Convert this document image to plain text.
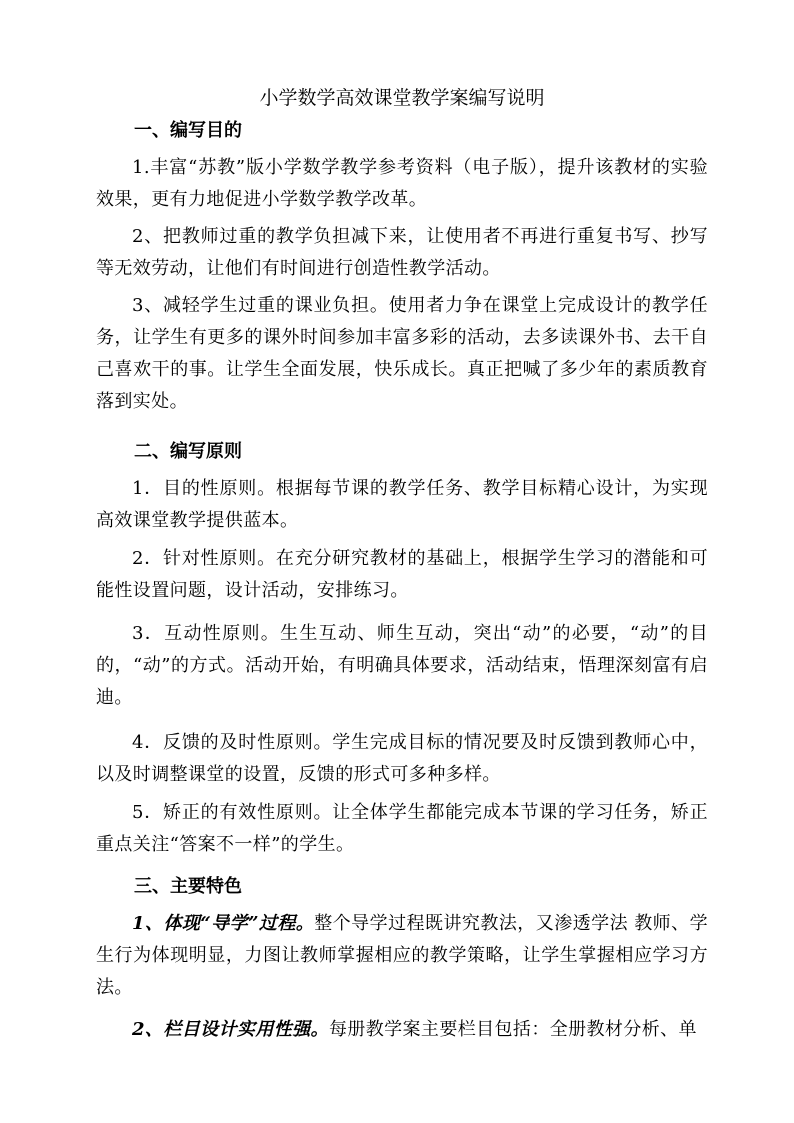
小学数学高效课堂教学案编写说明
一、编写目的
1.丰富“苏教”版小学数学教学参考资料（电子版），提升该教材的实验效果，更有力地促进小学数学教学改革。
2、把教师过重的教学负担减下来，让使用者不再进行重复书写、抄写等无效劳动，让他们有时间进行创造性教学活动。
3、减轻学生过重的课业负担。使用者力争在课堂上完成设计的教学任务，让学生有更多的课外时间参加丰富多彩的活动，去多读课外书、去干自己喜欢干的事。让学生全面发展，快乐成长。真正把喊了多少年的素质教育落到实处。
二、编写原则
1．目的性原则。根据每节课的教学任务、教学目标精心设计，为实现高效课堂教学提供蓝本。
2．针对性原则。在充分研究教材的基础上，根据学生学习的潜能和可能性设置问题，设计活动，安排练习。
3．互动性原则。生生互动、师生互动，突出“动”的必要，“动”的目的，“动”的方式。活动开始，有明确具体要求，活动结束，悟理深刻富有启迪。
4．反馈的及时性原则。学生完成目标的情况要及时反馈到教师心中，以及时调整课堂的设置，反馈的形式可多种多样。
5．矫正的有效性原则。让全体学生都能完成本节课的学习任务，矫正重点关注“答案不一样”的学生。
三、主要特色
1、体现“导学”过程。整个导学过程既讲究教法，又渗透学法 教师、学生行为体现明显，力图让教师掌握相应的教学策略，让学生掌握相应学习方法。
2、栏目设计实用性强。每册教学案主要栏目包括：全册教材分析、单
